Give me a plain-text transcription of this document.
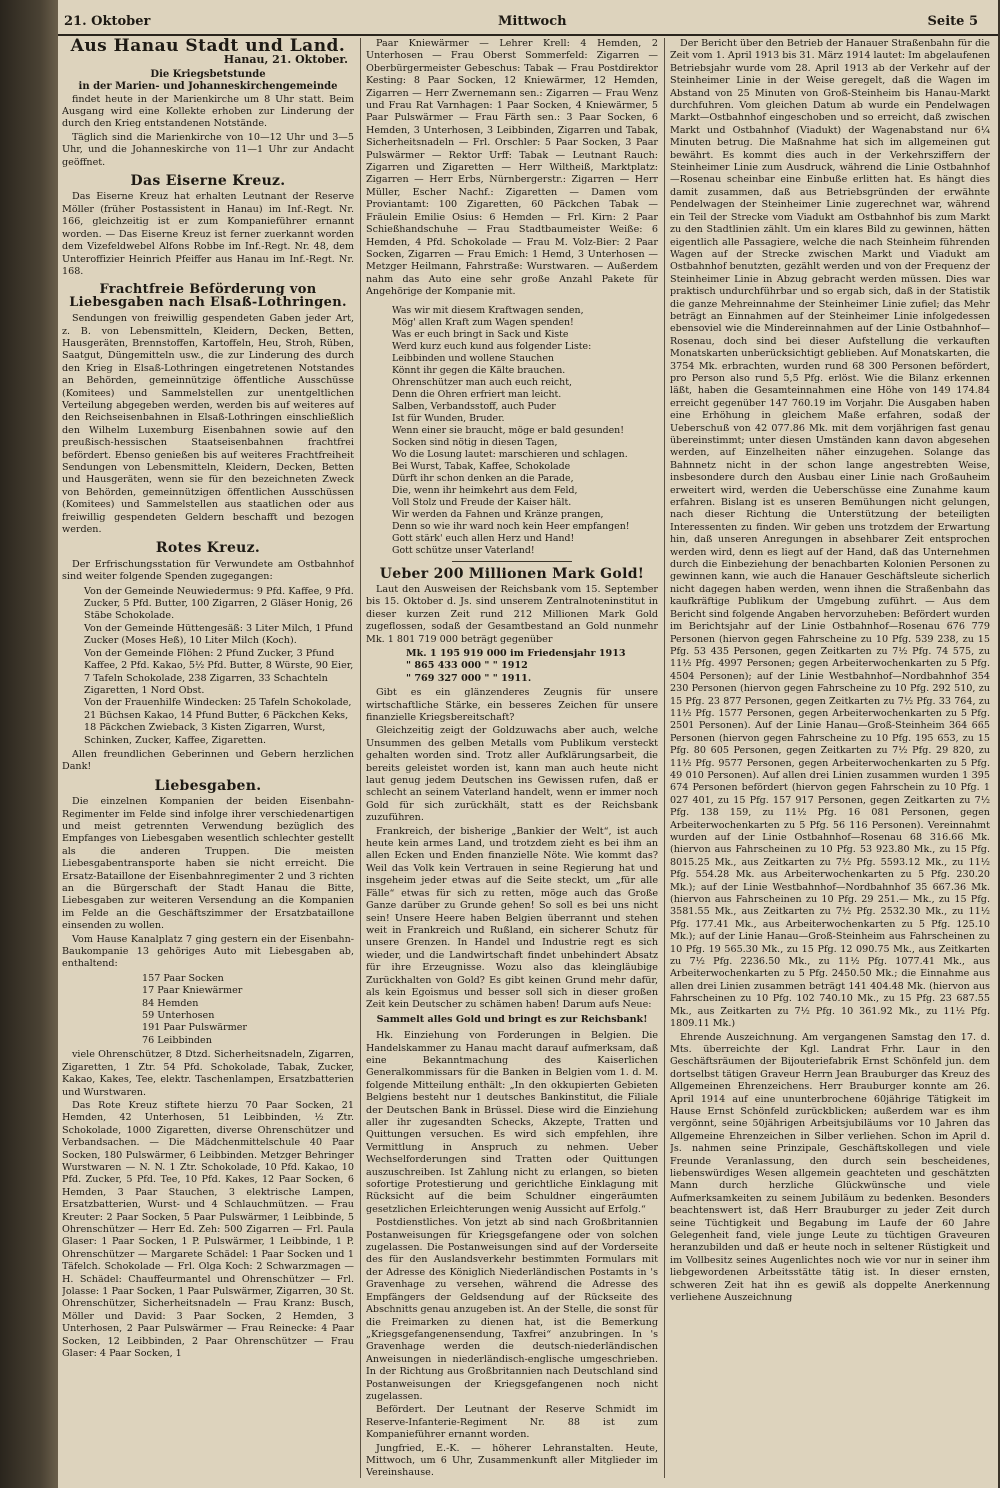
21. Oktober	Mittwoch	Seite 5
Aus Hanau Stadt und Land.
Hanau, 21. Oktober.
Die Kriegsbetstunde
in der Marien- und Johanneskirchengemeinde

findet heute in der Marienkirche um 8 Uhr statt. Beim Ausgang wird eine Kollekte erhoben zur Linderung der durch den Krieg entstandenen Notstände.

Täglich sind die Marienkirche von 10—12 Uhr und 3—5 Uhr, und die Johanneskirche von 11—1 Uhr zur Andacht geöffnet.

Das Eiserne Kreuz.

Das Eiserne Kreuz hat erhalten Leutnant der Reserve Möller (früher Postassistent in Hanau) im Inf.-Regt. Nr. 166, gleichzeitig ist er zum Kompanieführer ernannt worden. — Das Eiserne Kreuz ist ferner zuerkannt worden dem Vizefeldwebel Alfons Robbe im Inf.-Regt. Nr. 48, dem Unteroffizier Heinrich Pfeiffer aus Hanau im Inf.-Regt. Nr. 168.

Frachtfreie Beförderung von Liebesgaben nach Elsaß-Lothringen.

Sendungen von freiwillig gespendeten Gaben jeder Art, z. B. von Lebensmitteln, Kleidern, Decken, Betten, Hausgeräten, Brennstoffen, Kartoffeln, Heu, Stroh, Rüben, Saatgut, Düngemitteln usw., die zur Linderung des durch den Krieg in Elsaß-Lothringen eingetretenen Notstandes an Behörden, gemeinnützige öffentliche Ausschüsse (Komitees) und Sammelstellen zur unentgeltlichen Verteilung abgegeben werden, werden bis auf weiteres auf den Reichseisenbahnen in Elsaß-Lothringen einschließlich den Wilhelm Luxemburg Eisenbahnen sowie auf den preußisch-hessischen Staatseisenbahnen frachtfrei befördert. Ebenso genießen bis auf weiteres Frachtfreiheit Sendungen von Lebensmitteln, Kleidern, Decken, Betten und Hausgeräten, wenn sie für den bezeichneten Zweck von Behörden, gemeinnützigen öffentlichen Ausschüssen (Komitees) und Sammelstellen aus staatlichen oder aus freiwillig gespendeten Geldern beschafft und bezogen werden.

Rotes Kreuz.

Der Erfrischungsstation für Verwundete am Ostbahnhof sind weiter folgende Spenden zugegangen:

Von der Gemeinde Neuwiedermus: 9 Pfd. Kaffee, 9 Pfd. Zucker, 5 Pfd. Butter, 100 Zigarren, 2 Gläser Honig, 26 Stäbe Schokolade.
Von der Gemeinde Hüttengesäß: 3 Liter Milch, 1 Pfund Zucker (Moses Heß), 10 Liter Milch (Koch).
Von der Gemeinde Flöhen: 2 Pfund Zucker, 3 Pfund Kaffee, 2 Pfd. Kakao, 5½ Pfd. Butter, 8 Würste, 90 Eier, 7 Tafeln Schokolade, 238 Zigarren, 33 Schachteln Zigaretten, 1 Nord Obst.
Von der Frauenhilfe Windecken: 25 Tafeln Schokolade, 21 Büchsen Kakao, 14 Pfund Butter, 6 Päckchen Keks, 18 Päckchen Zwieback, 3 Kisten Zigarren, Wurst, Schinken, Zucker, Kaffee, Zigaretten.

Allen freundlichen Geberinnen und Gebern herzlichen Dank!

Liebesgaben.

Die einzelnen Kompanien der beiden Eisenbahn-Regimenter im Felde sind infolge ihrer verschiedenartigen und meist getrennten Verwendung bezüglich des Empfanges von Liebesgaben wesentlich schlechter gestellt als die anderen Truppen. Die meisten Liebesgabentransporte haben sie nicht erreicht. Die Ersatz-Bataillone der Eisenbahnregimenter 2 und 3 richten an die Bürgerschaft der Stadt Hanau die Bitte, Liebesgaben zur weiteren Versendung an die Kompanien im Felde an die Geschäftszimmer der Ersatzbataillone einsenden zu wollen.

Vom Hause Kanalplatz 7 ging gestern ein der Eisenbahn-Baukompanie 13 gehöriges Auto mit Liebesgaben ab, enthaltend:

157 Paar Socken
17 Paar Kniewärmer
84 Hemden
59 Unterhosen
191 Paar Pulswärmer
76 Leibbinden

viele Ohrenschützer, 8 Dtzd. Sicherheitsnadeln, Zigarren, Zigaretten, 1 Ztr. 54 Pfd. Schokolade, Tabak, Zucker, Kakao, Kakes, Tee, elektr. Taschenlampen, Ersatzbatterien und Wurstwaren.

Das Rote Kreuz stiftete hierzu 70 Paar Socken, 21 Hemden, 42 Unterhosen, 51 Leibbinden, ½ Ztr. Schokolade, 1000 Zigaretten, diverse Ohrenschützer und Verbandsachen. — Die Mädchenmittelschule 40 Paar Socken, 180 Pulswärmer, 6 Leibbinden. Metzger Behringer Wurstwaren — N. N. 1 Ztr. Schokolade, 10 Pfd. Kakao, 10 Pfd. Zucker, 5 Pfd. Tee, 10 Pfd. Kakes, 12 Paar Socken, 6 Hemden, 3 Paar Stauchen, 3 elektrische Lampen, Ersatzbatterien, Wurst- und 4 Schlauchmützen. — Frau Kreuter: 2 Paar Socken, 5 Paar Pulswärmer, 1 Leibbinde, 5 Ohrenschützer — Herr Ed. Zeh: 500 Zigarren — Frl. Paula Glaser: 1 Paar Socken, 1 P. Pulswärmer, 1 Leibbinde, 1 P. Ohrenschützer — Margarete Schädel: 1 Paar Socken und 1 Täfelch. Schokolade — Frl. Olga Koch: 2 Schwarzmagen — H. Schädel: Chauffeurmantel und Ohrenschützer — Frl. Jolasse: 1 Paar Socken, 1 Paar Pulswärmer, Zigarren, 30 St. Ohrenschützer, Sicherheitsnadeln — Frau Kranz: Busch, Möller und David: 3 Paar Socken, 2 Hemden, 3 Unterhosen, 2 Paar Pulswärmer — Frau Reinecke: 4 Paar Socken, 12 Leibbinden, 2 Paar Ohrenschützer — Frau Glaser: 4 Paar Socken, 1

Paar Kniewärmer — Lehrer Krell: 4 Hemden, 2 Unterhosen — Frau Oberst Sommerfeld: Zigarren — Oberbürgermeister Gebeschus: Tabak — Frau Postdirektor Kesting: 8 Paar Socken, 12 Kniewärmer, 12 Hemden, Zigarren — Herr Zwernemann sen.: Zigarren — Frau Wenz und Frau Rat Varnhagen: 1 Paar Socken, 4 Kniewärmer, 5 Paar Pulswärmer — Frau Färth sen.: 3 Paar Socken, 6 Hemden, 3 Unterhosen, 3 Leibbinden, Zigarren und Tabak, Sicherheitsnadeln — Frl. Orschler: 5 Paar Socken, 3 Paar Pulswärmer — Rektor Urff: Tabak — Leutnant Rauch: Zigarren und Zigaretten — Herr Wiltheiß, Marktplatz: Zigarren — Herr Erbs, Nürnbergerstr.: Zigarren — Herr Müller, Escher Nachf.: Zigaretten — Damen vom Proviantamt: 100 Zigaretten, 60 Päckchen Tabak — Fräulein Emilie Osius: 6 Hemden — Frl. Kirn: 2 Paar Schießhandschuhe — Frau Stadtbaumeister Weiße: 6 Hemden, 4 Pfd. Schokolade — Frau M. Volz-Bier: 2 Paar Socken, Zigarren — Frau Emich: 1 Hemd, 3 Unterhosen — Metzger Heilmann, Fahrstraße: Wurstwaren. — Außerdem nahm das Auto eine sehr große Anzahl Pakete für Angehörige der Kompanie mit.

Was wir mit diesem Kraftwagen senden,
Mög' allen Kraft zum Wagen spenden!
Was er euch bringt in Sack und Kiste
Werd kurz euch kund aus folgender Liste:
Leibbinden und wollene Stauchen
Könnt ihr gegen die Kälte brauchen.
Ohrenschützer man auch euch reicht,
Denn die Ohren erfriert man leicht.
Salben, Verbandsstoff, auch Puder
Ist für Wunden, Bruder.
Wenn einer sie braucht, möge er bald gesunden!
Socken sind nötig in diesen Tagen,
Wo die Losung lautet: marschieren und schlagen.
Bei Wurst, Tabak, Kaffee, Schokolade
Dürft ihr schon denken an die Parade,
Die, wenn ihr heimkehrt aus dem Feld,
Voll Stolz und Freude der Kaiser hält.
Wir werden da Fahnen und Kränze prangen,
Denn so wie ihr ward noch kein Heer empfangen!
Gott stärk' euch allen Herz und Hand!
Gott schütze unser Vaterland!
Ueber 200 Millionen Mark Gold!

Laut den Ausweisen der Reichsbank vom 15. September bis 15. Oktober d. Js. sind unserem Zentralnoteninstitut in dieser kurzen Zeit rund 212 Millionen Mark Gold zugeflossen, sodaß der Gesamtbestand an Gold nunmehr Mk. 1 801 719 000 beträgt gegenüber

Mk. 1 195 919 000 im Friedensjahr 1913
" 865 433 000 " " 1912
" 769 327 000 " " 1911.

Gibt es ein glänzenderes Zeugnis für unsere wirtschaftliche Stärke, ein besseres Zeichen für unsere finanzielle Kriegsbereitschaft?

Gleichzeitig zeigt der Goldzuwachs aber auch, welche Unsummen des gelben Metalls vom Publikum versteckt gehalten worden sind. Trotz aller Aufklärungsarbeit, die bereits geleistet worden ist, kann man auch heute nicht laut genug jedem Deutschen ins Gewissen rufen, daß er schlecht an seinem Vaterland handelt, wenn er immer noch Gold für sich zurückhält, statt es der Reichsbank zuzuführen.

Frankreich, der bisherige „Bankier der Welt“, ist auch heute kein armes Land, und trotzdem zieht es bei ihm an allen Ecken und Enden finanzielle Nöte. Wie kommt das? Weil das Volk kein Vertrauen in seine Regierung hat und insgeheim jeder etwas auf die Seite steckt, um „für alle Fälle“ etwas für sich zu retten, möge auch das Große Ganze darüber zu Grunde gehen! So soll es bei uns nicht sein! Unsere Heere haben Belgien überrannt und stehen weit in Frankreich und Rußland, ein sicherer Schutz für unsere Grenzen. In Handel und Industrie regt es sich wieder, und die Landwirtschaft findet unbehindert Absatz für ihre Erzeugnisse. Wozu also das kleingläubige Zurückhalten von Gold? Es gibt keinen Grund mehr dafür, als kein Egoismus und besser soll sich in dieser großen Zeit kein Deutscher zu schämen haben! Darum aufs Neue:

Sammelt alles Gold und bringt es zur Reichsbank!

Hk. Einziehung von Forderungen in Belgien. Die Handelskammer zu Hanau macht darauf aufmerksam, daß eine Bekanntmachung des Kaiserlichen Generalkommissars für die Banken in Belgien vom 1. d. M. folgende Mitteilung enthält: „In den okkupierten Gebieten Belgiens besteht nur 1 deutsches Bankinstitut, die Filiale der Deutschen Bank in Brüssel. Diese wird die Einziehung aller ihr zugesandten Schecks, Akzepte, Tratten und Quittungen versuchen. Es wird sich empfehlen, ihre Vermittlung in Anspruch zu nehmen. Ueber Wechselforderungen sind Tratten oder Quittungen auszuschreiben. Ist Zahlung nicht zu erlangen, so bieten sofortige Protestierung und gerichtliche Einklagung mit Rücksicht auf die beim Schuldner eingeräumten gesetzlichen Erleichterungen wenig Aussicht auf Erfolg.“

Postdienstliches. Von jetzt ab sind nach Großbritannien Postanweisungen für Kriegsgefangene oder von solchen zugelassen. Die Postanweisungen sind auf der Vorderseite des für den Auslandsverkehr bestimmten Formulars mit der Adresse des Königlich Niederländischen Postamts in 's Gravenhage zu versehen, während die Adresse des Empfängers der Geldsendung auf der Rückseite des Abschnitts genau anzugeben ist. An der Stelle, die sonst für die Freimarken zu dienen hat, ist die Bemerkung „Kriegsgefangenensendung, Taxfrei“ anzubringen. In 's Gravenhage werden die deutsch-niederländischen Anweisungen in niederländisch-englische umgeschrieben. In der Richtung aus Großbritannien nach Deutschland sind Postanweisungen der Kriegsgefangenen noch nicht zugelassen.

Befördert. Der Leutnant der Reserve Schmidt im Reserve-Infanterie-Regiment Nr. 88 ist zum Kompanieführer ernannt worden.

Jungfried, E.-K. — höherer Lehranstalten. Heute, Mittwoch, um 6 Uhr, Zusammenkunft aller Mitglieder im Vereinshause.

Der Bericht über den Betrieb der Hanauer Straßenbahn für die Zeit vom 1. April 1913 bis 31. März 1914 lautet: Im abgelaufenen Betriebsjahr wurde vom 28. April 1913 ab der Verkehr auf der Steinheimer Linie in der Weise geregelt, daß die Wagen im Abstand von 25 Minuten von Groß-Steinheim bis Hanau-Markt durchfuhren. Vom gleichen Datum ab wurde ein Pendelwagen Markt—Ostbahnhof eingeschoben und so erreicht, daß zwischen Markt und Ostbahnhof (Viadukt) der Wagenabstand nur 6¼ Minuten betrug. Die Maßnahme hat sich im allgemeinen gut bewährt. Es kommt dies auch in der Verkehrsziffern der Steinheimer Linie zum Ausdruck, während die Linie Ostbahnhof—Rosenau scheinbar eine Einbuße erlitten hat. Es hängt dies damit zusammen, daß aus Betriebsgründen der erwähnte Pendelwagen der Steinheimer Linie zugerechnet war, während ein Teil der Strecke vom Viadukt am Ostbahnhof bis zum Markt zu den Stadtlinien zählt. Um ein klares Bild zu gewinnen, hätten eigentlich alle Passagiere, welche die nach Steinheim führenden Wagen auf der Strecke zwischen Markt und Viadukt am Ostbahnhof benutzten, gezählt werden und von der Frequenz der Steinheimer Linie in Abzug gebracht werden müssen. Dies war praktisch undurchführbar und so ergab sich, daß in der Statistik die ganze Mehreinnahme der Steinheimer Linie zufiel; das Mehr beträgt an Einnahmen auf der Steinheimer Linie infolgedessen ebensoviel wie die Mindereinnahmen auf der Linie Ostbahnhof—Rosenau, doch sind bei dieser Aufstellung die verkauften Monatskarten unberücksichtigt geblieben. Auf Monatskarten, die 3754 Mk. erbrachten, wurden rund 68 300 Personen befördert, pro Person also rund 5,5 Pfg. erlöst. Wie die Bilanz erkennen läßt, haben die Gesamteinnahmen eine Höhe von 149 174.84 erreicht gegenüber 147 760.19 im Vorjahr. Die Ausgaben haben eine Erhöhung in gleichem Maße erfahren, sodaß der Ueberschuß von 42 077.86 Mk. mit dem vorjährigen fast genau übereinstimmt; unter diesen Umständen kann davon abgesehen werden, auf Einzelheiten näher einzugehen. Solange das Bahnnetz nicht in der schon lange angestrebten Weise, insbesondere durch den Ausbau einer Linie nach Großauheim erweitert wird, werden die Ueberschüsse eine Zunahme kaum erfahren. Bislang ist es unseren Bemühungen nicht gelungen, nach dieser Richtung die Unterstützung der beteiligten Interessenten zu finden. Wir geben uns trotzdem der Erwartung hin, daß unseren Anregungen in absehbarer Zeit entsprochen werden wird, denn es liegt auf der Hand, daß das Unternehmen durch die Einbeziehung der benachbarten Kolonien Personen zu gewinnen kann, wie auch die Hanauer Geschäftsleute sicherlich nicht dagegen haben werden, wenn ihnen die Straßenbahn das kaufkräftige Publikum der Umgebung zuführt. — Aus dem Bericht sind folgende Angaben hervorzuheben: Befördert wurden im Berichtsjahr auf der Linie Ostbahnhof—Rosenau 676 779 Personen (hiervon gegen Fahrscheine zu 10 Pfg. 539 238, zu 15 Pfg. 53 435 Personen, gegen Zeitkarten zu 7½ Pfg. 74 575, zu 11½ Pfg. 4997 Personen; gegen Arbeiterwochenkarten zu 5 Pfg. 4504 Personen); auf der Linie Westbahnhof—Nordbahnhof 354 230 Personen (hiervon gegen Fahrscheine zu 10 Pfg. 292 510, zu 15 Pfg. 23 877 Personen, gegen Zeitkarten zu 7½ Pfg. 33 764, zu 11½ Pfg. 1577 Personen, gegen Arbeiterwochenkarten zu 5 Pfg. 2501 Personen). Auf der Linie Hanau—Groß-Steinheim 364 665 Personen (hiervon gegen Fahrscheine zu 10 Pfg. 195 653, zu 15 Pfg. 80 605 Personen, gegen Zeitkarten zu 7½ Pfg. 29 820, zu 11½ Pfg. 9577 Personen, gegen Arbeiterwochenkarten zu 5 Pfg. 49 010 Personen). Auf allen drei Linien zusammen wurden 1 395 674 Personen befördert (hiervon gegen Fahrschein zu 10 Pfg. 1 027 401, zu 15 Pfg. 157 917 Personen, gegen Zeitkarten zu 7½ Pfg. 138 159, zu 11½ Pfg. 16 081 Personen, gegen Arbeiterwochenkarten zu 5 Pfg. 56 116 Personen). Vereinnahmt wurden auf der Linie Ostbahnhof—Rosenau 68 316.66 Mk. (hiervon aus Fahrscheinen zu 10 Pfg. 53 923.80 Mk., zu 15 Pfg. 8015.25 Mk., aus Zeitkarten zu 7½ Pfg. 5593.12 Mk., zu 11½ Pfg. 554.28 Mk. aus Arbeiterwochenkarten zu 5 Pfg. 230.20 Mk.); auf der Linie Westbahnhof—Nordbahnhof 35 667.36 Mk. (hiervon aus Fahrscheinen zu 10 Pfg. 29 251.— Mk., zu 15 Pfg. 3581.55 Mk., aus Zeitkarten zu 7½ Pfg. 2532.30 Mk., zu 11½ Pfg. 177.41 Mk., aus Arbeiterwochenkarten zu 5 Pfg. 125.10 Mk.); auf der Linie Hanau—Groß-Steinheim aus Fahrscheinen zu 10 Pfg. 19 565.30 Mk., zu 15 Pfg. 12 090.75 Mk., aus Zeitkarten zu 7½ Pfg. 2236.50 Mk., zu 11½ Pfg. 1077.41 Mk., aus Arbeiterwochenkarten zu 5 Pfg. 2450.50 Mk.; die Einnahme aus allen drei Linien zusammen beträgt 141 404.48 Mk. (hiervon aus Fahrscheinen zu 10 Pfg. 102 740.10 Mk., zu 15 Pfg. 23 687.55 Mk., aus Zeitkarten zu 7½ Pfg. 10 361.92 Mk., zu 11½ Pfg. 1809.11 Mk.)

Ehrende Auszeichnung. Am vergangenen Samstag den 17. d. Mts. überreichte der Kgl. Landrat Frhr. Laur in den Geschäftsräumen der Bijouteriefabrik Ernst Schönfeld jun. dem dortselbst tätigen Graveur Herrn Jean Brauburger das Kreuz des Allgemeinen Ehrenzeichens. Herr Brauburger konnte am 26. April 1914 auf eine ununterbrochene 60jährige Tätigkeit im Hause Ernst Schönfeld zurückblicken; außerdem war es ihm vergönnt, seine 50jährigen Arbeitsjubiläums vor 10 Jahren das Allgemeine Ehrenzeichen in Silber verliehen. Schon im April d. Js. nahmen seine Prinzipale, Geschäftskollegen und viele Freunde Veranlassung, den durch sein bescheidenes, liebenswürdiges Wesen allgemein geachteten und geschätzten Mann durch herzliche Glückwünsche und viele Aufmerksamkeiten zu seinem Jubiläum zu bedenken. Besonders beachtenswert ist, daß Herr Brauburger zu jeder Zeit durch seine Tüchtigkeit und Begabung im Laufe der 60 Jahre Gelegenheit fand, viele junge Leute zu tüchtigen Graveuren heranzubilden und daß er heute noch in seltener Rüstigkeit und im Vollbesitz seines Augenlichtes noch wie vor nur in seiner ihm liebgewordenen Arbeitsstätte tätig ist. In dieser ernsten, schweren Zeit hat ihn es gewiß als doppelte Anerkennung verliehene Auszeichnung
